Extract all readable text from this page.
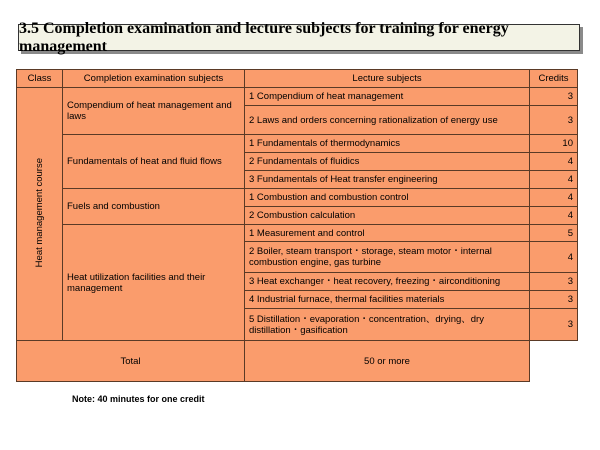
3.5 Completion examination and lecture subjects for training for energy management
Class	Completion examination subjects	Lecture subjects	Credits
Heat management course	Compendium of heat management and laws	1 Compendium of heat management	3
		2 Laws and orders concerning rationalization of energy use	3
	Fundamentals of heat and fluid flows	1 Fundamentals of thermodynamics	10
		2 Fundamentals of fluidics	4
		3 Fundamentals of Heat transfer engineering	4
	Fuels and combustion	1 Combustion and combustion control	4
		2 Combustion calculation	4
	Heat utilization facilities and their management	1 Measurement and control	5
		2 Boiler, steam transport・storage, steam motor・internal combustion engine, gas turbine	4
		3 Heat exchanger・heat recovery, freezing・airconditioning	3
		4 Industrial furnace, thermal facilities materials	3
		5 Distillation・evaporation・concentration、drying、dry distillation・gasification	3
Total		50 or more	
Note: 40 minutes for one credit
